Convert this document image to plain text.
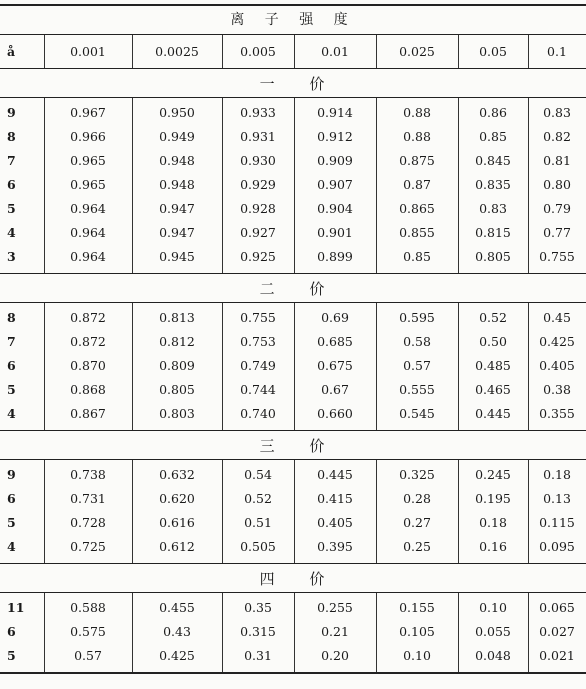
离 子 强 度
å	0.001	0.0025	0.005	0.01	0.025	0.05	0.1
一 价
9	0.967	0.950	0.933	0.914	0.88	0.86	0.83
8	0.966	0.949	0.931	0.912	0.88	0.85	0.82
7	0.965	0.948	0.930	0.909	0.875	0.845	0.81
6	0.965	0.948	0.929	0.907	0.87	0.835	0.80
5	0.964	0.947	0.928	0.904	0.865	0.83	0.79
4	0.964	0.947	0.927	0.901	0.855	0.815	0.77
3	0.964	0.945	0.925	0.899	0.85	0.805	0.755
二 价
8	0.872	0.813	0.755	0.69	0.595	0.52	0.45
7	0.872	0.812	0.753	0.685	0.58	0.50	0.425
6	0.870	0.809	0.749	0.675	0.57	0.485	0.405
5	0.868	0.805	0.744	0.67	0.555	0.465	0.38
4	0.867	0.803	0.740	0.660	0.545	0.445	0.355
三 价
9	0.738	0.632	0.54	0.445	0.325	0.245	0.18
6	0.731	0.620	0.52	0.415	0.28	0.195	0.13
5	0.728	0.616	0.51	0.405	0.27	0.18	0.115
4	0.725	0.612	0.505	0.395	0.25	0.16	0.095
四 价
11	0.588	0.455	0.35	0.255	0.155	0.10	0.065
6	0.575	0.43	0.315	0.21	0.105	0.055	0.027
5	0.57	0.425	0.31	0.20	0.10	0.048	0.021
